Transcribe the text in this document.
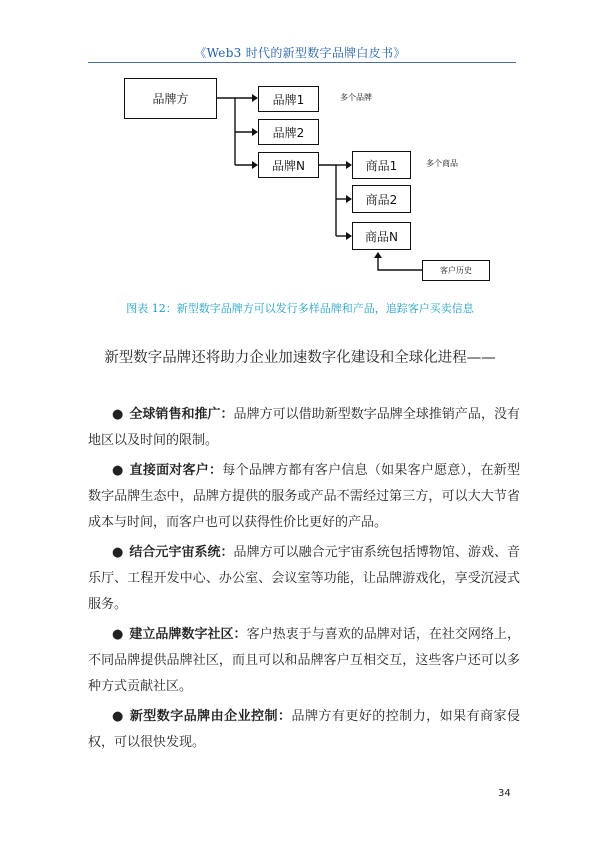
《Web3 时代的新型数字品牌白皮书》
品牌方	品牌1
品牌2
品牌N
多个品牌
商品1
商品2
商品N
多个商品
客户历史
图表 12：新型数字品牌方可以发行多样品牌和产品，追踪客户买卖信息
新型数字品牌还将助力企业加速数字化建设和全球化进程——

● 全球销售和推广：品牌方可以借助新型数字品牌全球推销产品，没有地区以及时间的限制。

● 直接面对客户：每个品牌方都有客户信息（如果客户愿意），在新型数字品牌生态中，品牌方提供的服务或产品不需经过第三方，可以大大节省成本与时间，而客户也可以获得性价比更好的产品。

● 结合元宇宙系统：品牌方可以融合元宇宙系统包括博物馆、游戏、音乐厅、工程开发中心、办公室、会议室等功能，让品牌游戏化，享受沉浸式服务。

● 建立品牌数字社区：客户热衷于与喜欢的品牌对话，在社交网络上，不同品牌提供品牌社区，而且可以和品牌客户互相交互，这些客户还可以多种方式贡献社区。

● 新型数字品牌由企业控制：品牌方有更好的控制力，如果有商家侵权，可以很快发现。

34
